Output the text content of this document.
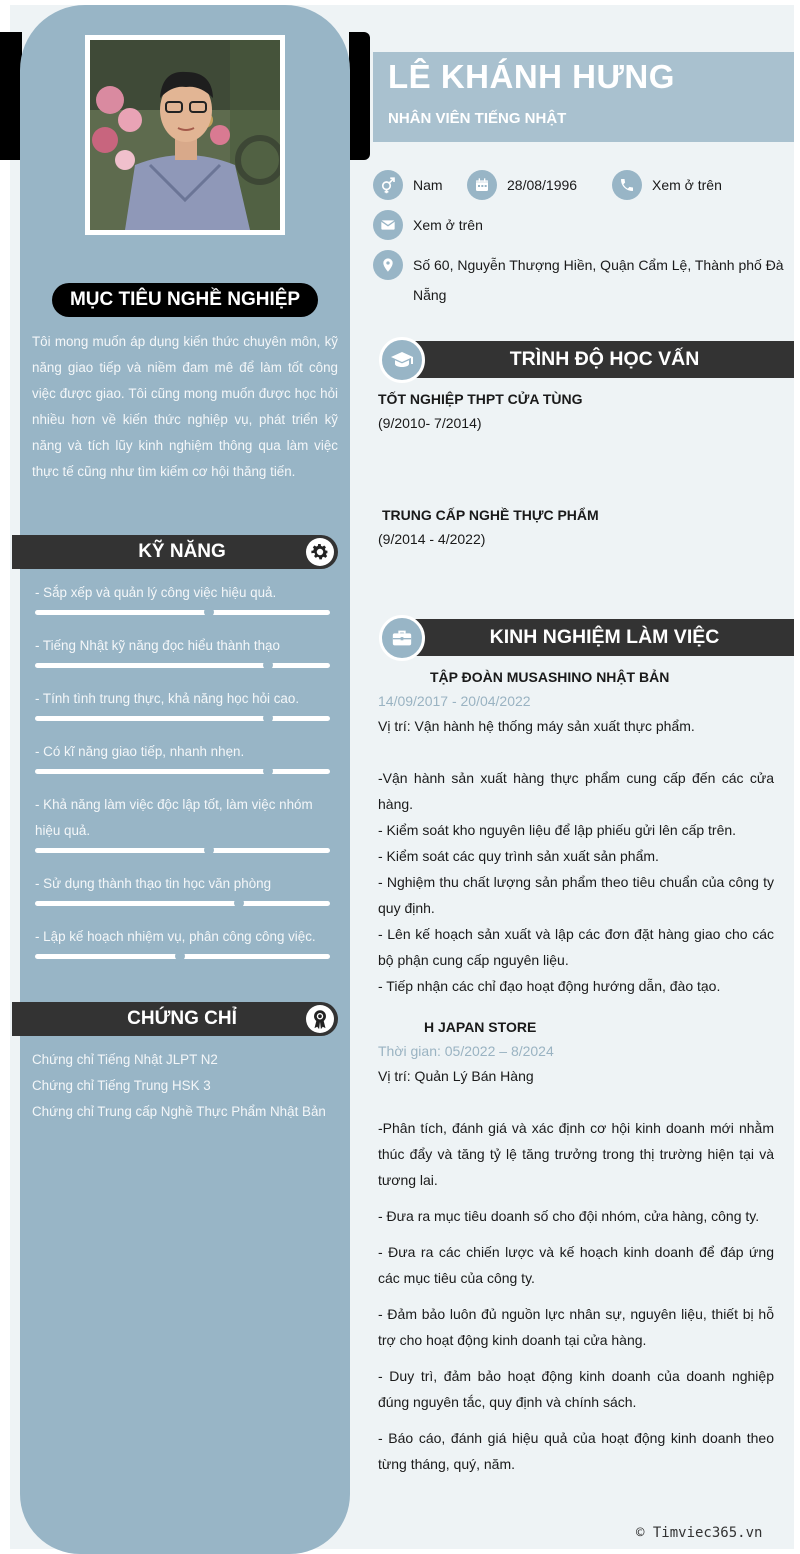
MỤC TIÊU NGHỀ NGHIỆP
Tôi mong muốn áp dụng kiến thức chuyên môn, kỹ năng giao tiếp và niềm đam mê để làm tốt công việc được giao. Tôi cũng mong muốn được học hỏi nhiều hơn về kiến thức nghiệp vụ, phát triển kỹ năng và tích lũy kinh nghiệm thông qua làm việc thực tế cũng như tìm kiếm cơ hội thăng tiến.
KỸ NĂNG
- Sắp xếp và quản lý công việc hiệu quả.
- Tiếng Nhật kỹ năng đọc hiểu thành thạo
- Tính tình trung thực, khả năng học hỏi cao.
- Có kĩ năng giao tiếp, nhanh nhẹn.
- Khả năng làm việc độc lập tốt, làm việc nhóm hiệu quả.
- Sử dụng thành thạo tin học văn phòng
- Lập kế hoạch nhiệm vụ, phân công công việc.
CHỨNG CHỈ
Chứng chỉ Tiếng Nhật JLPT N2
Chứng chỉ Tiếng Trung HSK 3
Chứng chỉ Trung cấp Nghề Thực Phẩm Nhật Bản
LÊ KHÁNH HƯNG
NHÂN VIÊN TIẾNG NHẬT
Nam	28/08/1996	Xem ở trên
Xem ở trên
Số 60, Nguyễn Thượng Hiền, Quận Cẩm Lệ, Thành phố Đà
Nẵng
TRÌNH ĐỘ HỌC VẤN
TỐT NGHIỆP THPT CỬA TÙNG
(9/2010- 7/2014)
TRUNG CẤP NGHỀ THỰC PHẨM
(9/2014 - 4/2022)
KINH NGHIỆM LÀM VIỆC
TẬP ĐOÀN MUSASHINO NHẬT BẢN
14/09/2017 - 20/04/2022
Vị trí: Vận hành hệ thống máy sản xuất thực phẩm.
-Vận hành sản xuất hàng thực phẩm cung cấp đến các cửa hàng.
- Kiểm soát kho nguyên liệu để lập phiếu gửi lên cấp trên.
- Kiểm soát các quy trình sản xuất sản phẩm.
- Nghiệm thu chất lượng sản phẩm theo tiêu chuẩn của công ty quy định.
- Lên kế hoạch sản xuất và lập các đơn đặt hàng giao cho các bộ phận cung cấp nguyên liệu.
- Tiếp nhận các chỉ đạo hoạt động hướng dẫn, đào tạo.
H JAPAN STORE
Thời gian: 05/2022 – 8/2024
Vị trí: Quản Lý Bán Hàng

-Phân tích, đánh giá và xác định cơ hội kinh doanh mới nhằm thúc đẩy và tăng tỷ lệ tăng trưởng trong thị trường hiện tại và tương lai.

- Đưa ra mục tiêu doanh số cho đội nhóm, cửa hàng, công ty.

- Đưa ra các chiến lược và kế hoạch kinh doanh để đáp ứng các mục tiêu của công ty.

- Đảm bảo luôn đủ nguồn lực nhân sự, nguyên liệu, thiết bị hỗ trợ cho hoạt động kinh doanh tại cửa hàng.

- Duy trì, đảm bảo hoạt động kinh doanh của doanh nghiệp đúng nguyên tắc, quy định và chính sách.

- Báo cáo, đánh giá hiệu quả của hoạt động kinh doanh theo từng tháng, quý, năm.

© Timviec365.vn
